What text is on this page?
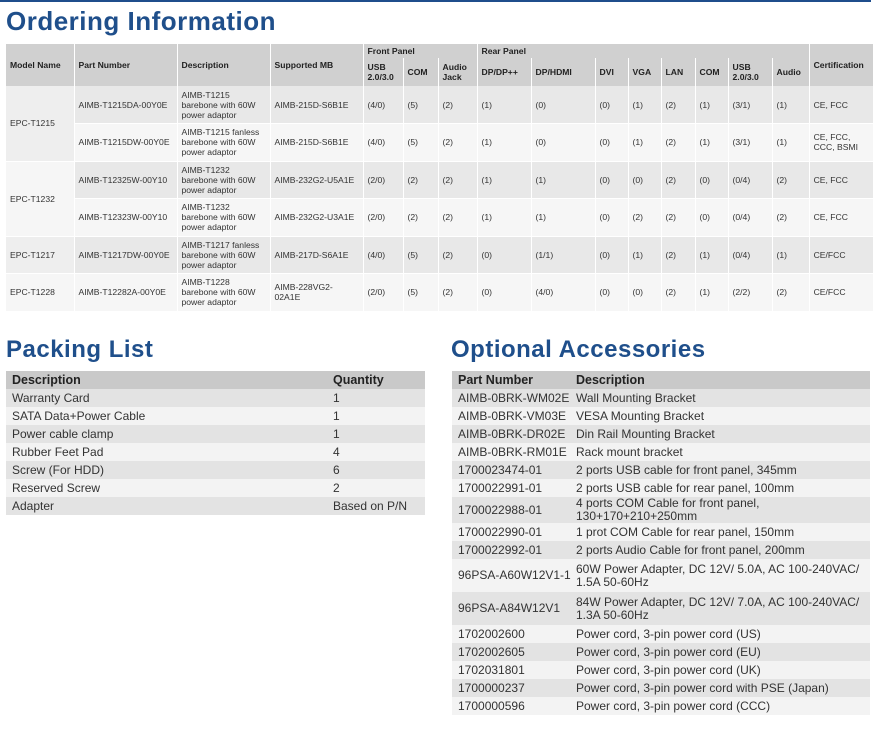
Ordering Information
Model Name	Part Number	Description	Supported MB	Front Panel			Rear Panel								Certification
				USB 2.0/3.0	COM	Audio Jack	DP/DP++	DP/HDMI	DVI	VGA	LAN	COM	USB 2.0/3.0	Audio	
EPC-T1215	AIMB-T1215DA-00Y0E	AIMB-T1215 barebone with 60W power adaptor	AIMB-215D-S6B1E	(4/0)	(5)	(2)	(1)	(0)	(0)	(1)	(2)	(1)	(3/1)	(1)	CE, FCC
	AIMB-T1215DW-00Y0E	AIMB-T1215 fanless barebone with 60W power adaptor	AIMB-215D-S6B1E	(4/0)	(5)	(2)	(1)	(0)	(0)	(1)	(2)	(1)	(3/1)	(1)	CE, FCC, CCC, BSMI
EPC-T1232	AIMB-T12325W-00Y10	AIMB-T1232 barebone with 60W power adaptor	AIMB-232G2-U5A1E	(2/0)	(2)	(2)	(1)	(1)	(0)	(0)	(2)	(0)	(0/4)	(2)	CE, FCC
	AIMB-T12323W-00Y10	AIMB-T1232 barebone with 60W power adaptor	AIMB-232G2-U3A1E	(2/0)	(2)	(2)	(1)	(1)	(0)	(2)	(2)	(0)	(0/4)	(2)	CE, FCC
EPC-T1217	AIMB-T1217DW-00Y0E	AIMB-T1217 fanless barebone with 60W power adaptor	AIMB-217D-S6A1E	(4/0)	(5)	(2)	(0)	(1/1)	(0)	(1)	(2)	(1)	(0/4)	(1)	CE/FCC
EPC-T1228	AIMB-T12282A-00Y0E	AIMB-T1228 barebone with 60W power adaptor	AIMB-228VG2-02A1E	(2/0)	(5)	(2)	(0)	(4/0)	(0)	(0)	(2)	(1)	(2/2)	(2)	CE/FCC
Packing List
Description	Quantity
Warranty Card	1
SATA Data+Power Cable	1
Power cable clamp	1
Rubber Feet Pad	4
Screw (For HDD)	6
Reserved Screw	2
Adapter	Based on P/N
Optional Accessories
Part Number	Description
AIMB-0BRK-WM02E	Wall Mounting Bracket
AIMB-0BRK-VM03E	VESA Mounting Bracket
AIMB-0BRK-DR02E	Din Rail Mounting Bracket
AIMB-0BRK-RM01E	Rack mount bracket
1700023474-01	2 ports USB cable for front panel, 345mm
1700022991-01	2 ports USB cable for rear panel, 100mm
1700022988-01	4 ports COM Cable for front panel, 130+170+210+250mm
1700022990-01	1 prot COM Cable for rear panel, 150mm
1700022992-01	2 ports Audio Cable for front panel, 200mm
96PSA-A60W12V1-1	60W Power Adapter, DC 12V/ 5.0A, AC 100-240VAC/ 1.5A 50-60Hz
96PSA-A84W12V1	84W Power Adapter, DC 12V/ 7.0A, AC 100-240VAC/ 1.3A 50-60Hz
1702002600	Power cord, 3-pin power cord (US)
1702002605	Power cord, 3-pin power cord (EU)
1702031801	Power cord, 3-pin power cord (UK)
1700000237	Power cord, 3-pin power cord with PSE (Japan)
1700000596	Power cord, 3-pin power cord (CCC)
